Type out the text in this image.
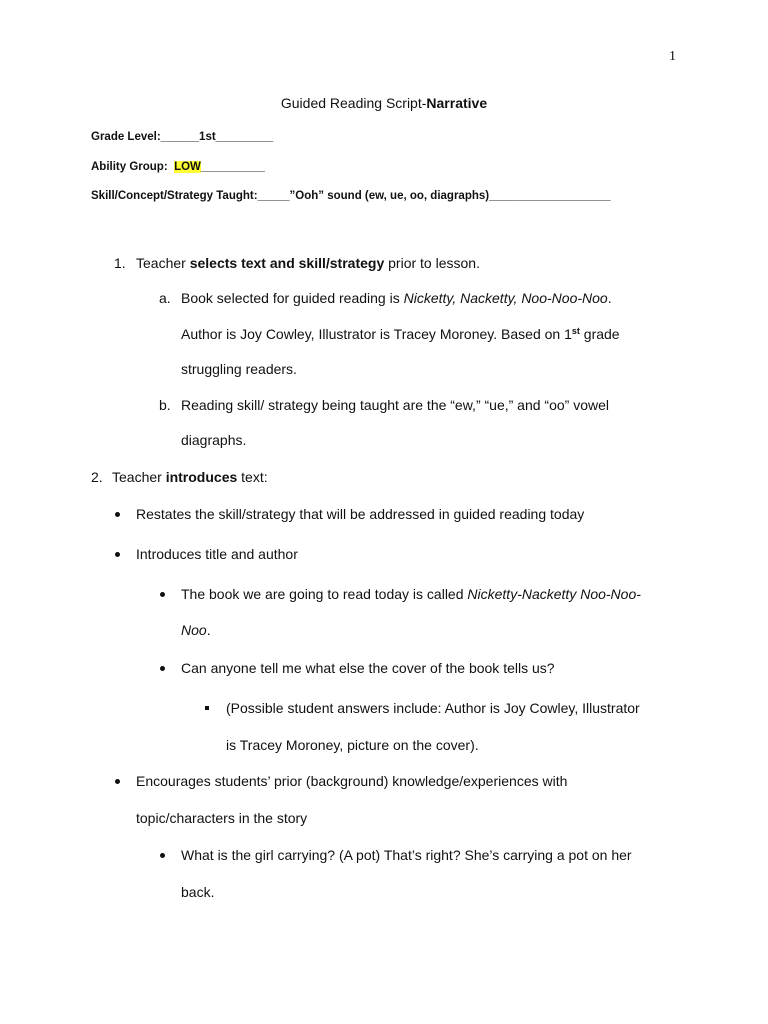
1
Guided Reading Script-Narrative
Grade Level:______1st_________
Ability Group: LOW__________
Skill/Concept/Strategy Taught:_____”Ooh” sound (ew, ue, oo, diagraphs)___________________
1. Teacher selects text and skill/strategy prior to lesson.
a. Book selected for guided reading is Nicketty, Nacketty, Noo-Noo-Noo.
Author is Joy Cowley, Illustrator is Tracey Moroney. Based on 1st grade
struggling readers.
b. Reading skill/ strategy being taught are the “ew,” “ue,” and “oo” vowel
diagraphs.
2. Teacher introduces text:
Restates the skill/strategy that will be addressed in guided reading today
Introduces title and author
The book we are going to read today is called Nicketty-Nacketty Noo-Noo-
Noo.
Can anyone tell me what else the cover of the book tells us?
(Possible student answers include: Author is Joy Cowley, Illustrator
is Tracey Moroney, picture on the cover).
Encourages students’ prior (background) knowledge/experiences with
topic/characters in the story
What is the girl carrying? (A pot) That’s right? She’s carrying a pot on her
back.
